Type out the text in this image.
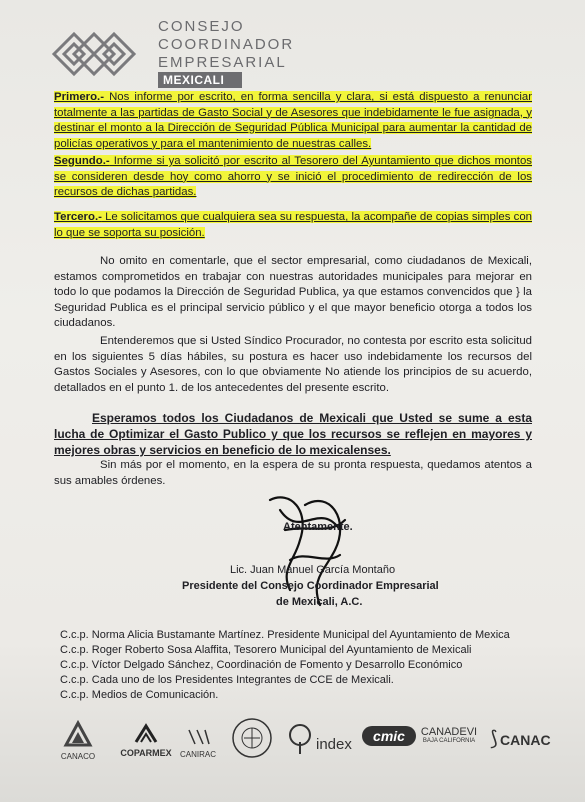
CONSEJO
COORDINADOR
EMPRESARIAL
MEXICALI
Primero.- Nos informe por escrito, en forma sencilla y clara, si está dispuesto a renunciar totalmente a las partidas de Gasto Social y de Asesores que indebidamente le fue asignada, y destinar el monto a la Dirección de Seguridad Pública Municipal para aumentar la cantidad de policías operativos y para el mantenimiento de nuestras calles.
Segundo.- Informe si ya solicitó por escrito al Tesorero del Ayuntamiento que dichos montos se consideren desde hoy como ahorro y se inició el procedimiento de redirección de los recursos de dichas partidas.
Tercero.- Le solicitamos que cualquiera sea su respuesta, la acompañe de copias simples con lo que se soporta su posición.
No omito en comentarle, que el sector empresarial, como ciudadanos de Mexicali, estamos comprometidos en trabajar con nuestras autoridades municipales para mejorar en todo lo que podamos la Dirección de Seguridad Publica, ya que estamos convencidos que } la Seguridad Publica es el principal servicio público y el que mayor beneficio otorga a todos los ciudadanos.
Entenderemos que si Usted Síndico Procurador, no contesta por escrito esta solicitud en los siguientes 5 días hábiles, su postura es hacer uso indebidamente los recursos del Gastos Sociales y Asesores, con lo que obviamente No atiende los principios de su acuerdo, detallados en el punto 1. de los antecedentes del presente escrito.
Esperamos todos los Ciudadanos de Mexicali que Usted se sume a esta lucha de Optimizar el Gasto Publico y que los recursos se reflejen en mayores y mejores obras y servicios en beneficio de lo mexicalenses.
Sin más por el momento, en la espera de su pronta respuesta, quedamos atentos a sus amables órdenes.
Atentamente.
Lic. Juan Manuel García Montaño
Presidente del Consejo Coordinador Empresarial
de Mexicali, A.C.
C.c.p. Norma Alicia Bustamante Martínez. Presidente Municipal del Ayuntamiento de Mexica
C.c.p. Roger Roberto Sosa Alaffita, Tesorero Municipal del Ayuntamiento de Mexicali
C.c.p. Víctor Delgado Sánchez, Coordinación de Fomento y Desarrollo Económico
C.c.p. Cada uno de los Presidentes Integrantes de CCE de Mexicali.
C.c.p. Medios de Comunicación.
CANACO	COPARMEX	CANIRAC
index	cmic	CANADEVI
BAJA CALIFORNIA ⟆ CANAC
